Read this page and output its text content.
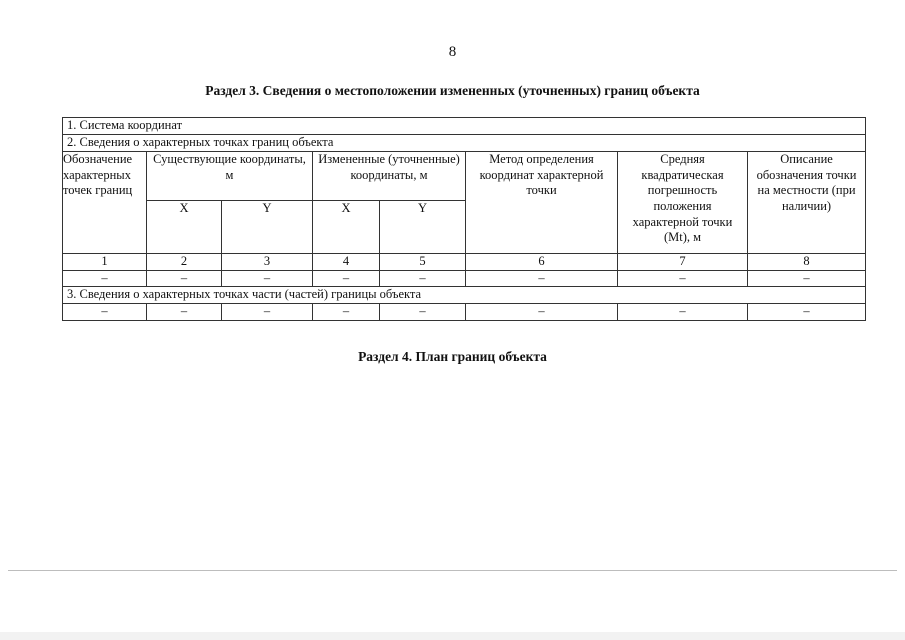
8
Раздел 3. Сведения о местоположении измененных (уточненных) границ объекта
1. Система координат							
2. Сведения о характерных точках границ объекта							
Обозначение характерных точек границ	Существующие координаты, м		Измененные (уточненные) координаты, м		Метод определения координат характерной точки	Средняя квадратическая погрешность положения характерной точки (Мt), м	Описание обозначения точки на местности (при наличии)
	X	Y	X	Y			
1	2	3	4	5	6	7	8
–	–	–	–	–	–	–	–
3. Сведения о характерных точках части (частей) границы объекта							
–	–	–	–	–	–	–	–
Раздел 4. План границ объекта
